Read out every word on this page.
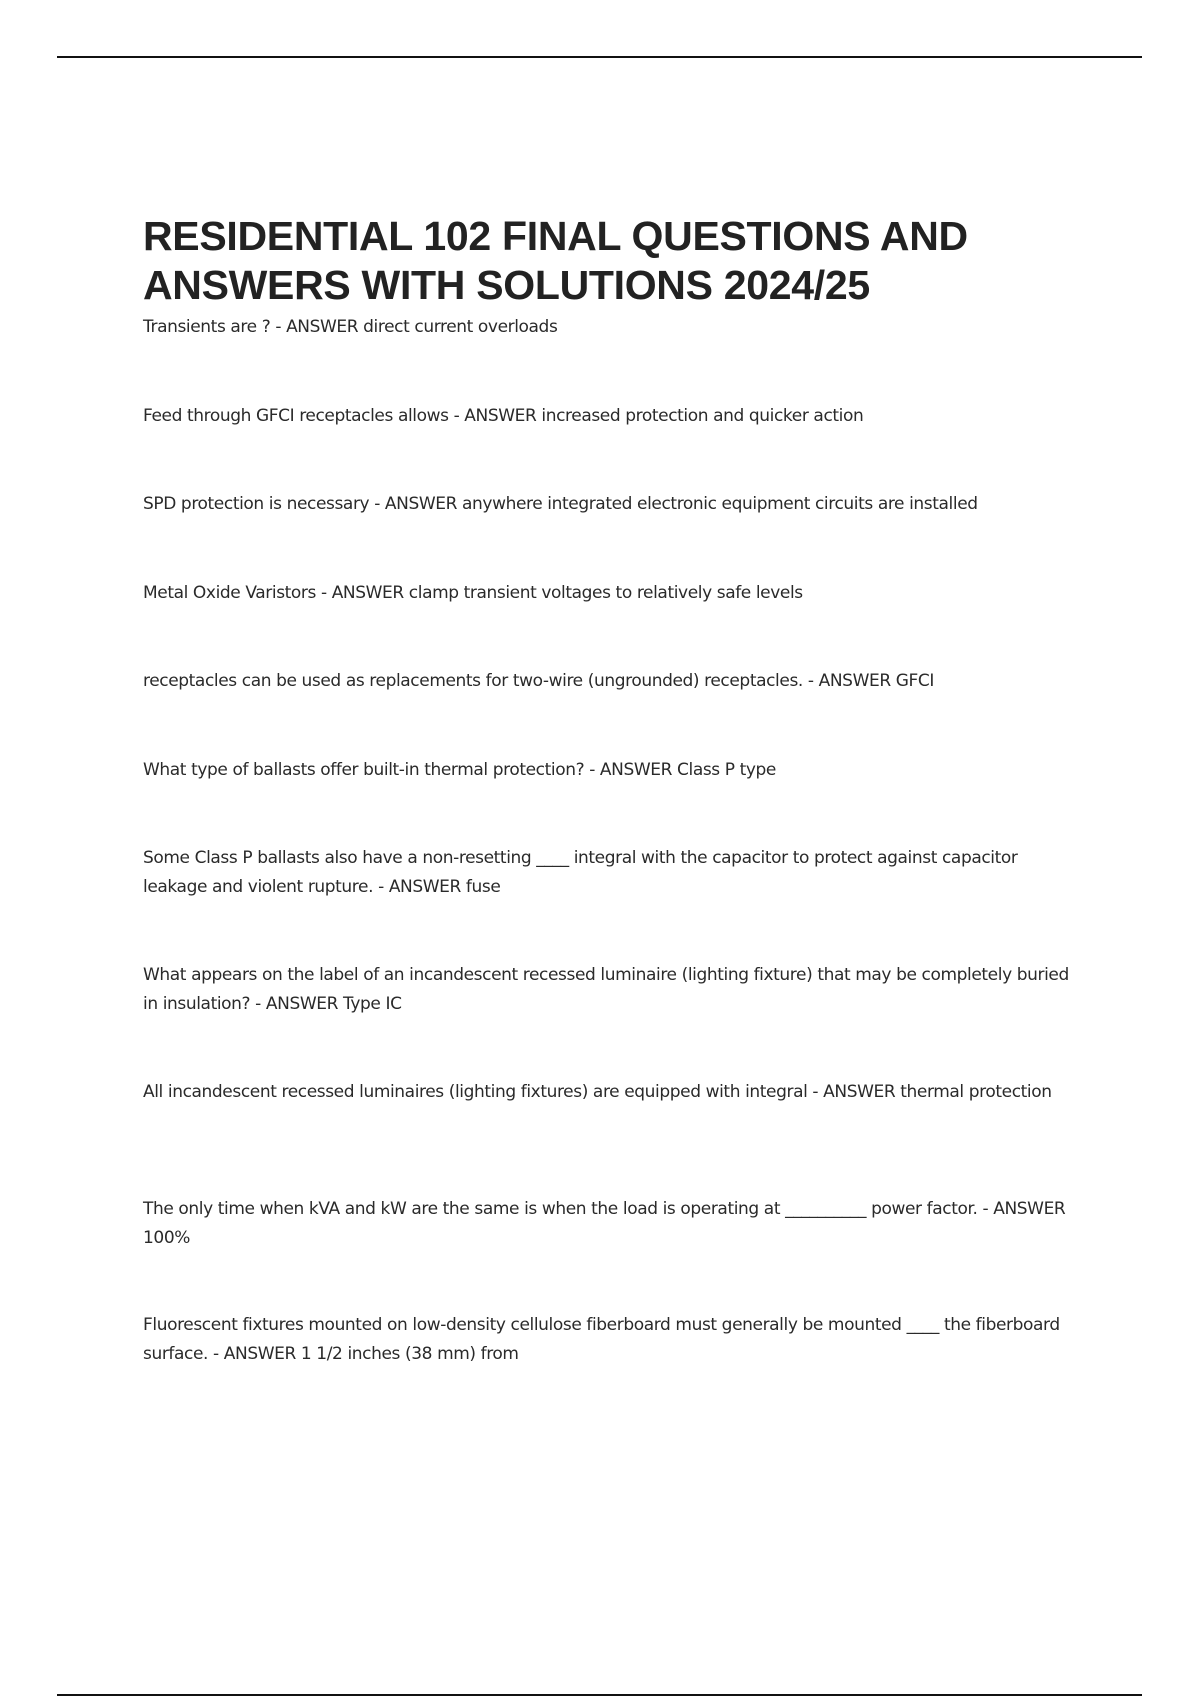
RESIDENTIAL 102 FINAL QUESTIONS AND ANSWERS WITH SOLUTIONS 2024/25

Transients are ? - ANSWER direct current overloads

Feed through GFCI receptacles allows - ANSWER increased protection and quicker action

SPD protection is necessary - ANSWER anywhere integrated electronic equipment circuits are installed

Metal Oxide Varistors - ANSWER clamp transient voltages to relatively safe levels

receptacles can be used as replacements for two-wire (ungrounded) receptacles. - ANSWER GFCI

What type of ballasts offer built-in thermal protection? - ANSWER Class P type

Some Class P ballasts also have a non-resetting ____ integral with the capacitor to protect against capacitor leakage and violent rupture. - ANSWER fuse

What appears on the label of an incandescent recessed luminaire (lighting fixture) that may be completely buried in insulation? - ANSWER Type IC

All incandescent recessed luminaires (lighting fixtures) are equipped with integral - ANSWER thermal protection

The only time when kVA and kW are the same is when the load is operating at __________ power factor. - ANSWER 100%

Fluorescent fixtures mounted on low-density cellulose fiberboard must generally be mounted ____ the fiberboard surface. - ANSWER 1 1/2 inches (38 mm) from
